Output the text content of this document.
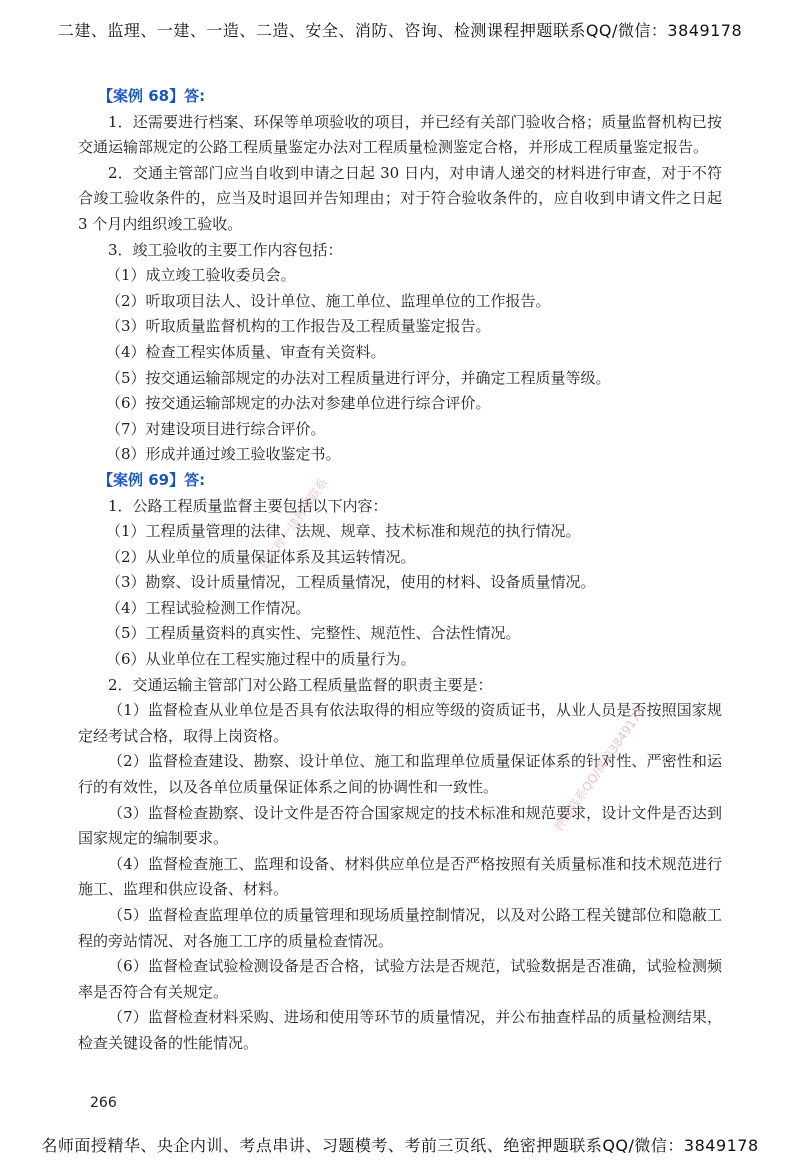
二建、监理、一建、一造、二造、安全、消防、咨询、检测课程押题联系QQ/微信：3849178
【案例 68】答:

1．还需要进行档案、环保等单项验收的项目，并已经有关部门验收合格；质量监督机构已按交通运输部规定的公路工程质量鉴定办法对工程质量检测鉴定合格，并形成工程质量鉴定报告。

2．交通主管部门应当自收到申请之日起 30 日内，对申请人递交的材料进行审查，对于不符合竣工验收条件的，应当及时退回并告知理由；对于符合验收条件的，应自收到申请文件之日起 3 个月内组织竣工验收。

3．竣工验收的主要工作内容包括：

（1）成立竣工验收委员会。

（2）听取项目法人、设计单位、施工单位、监理单位的工作报告。

（3）听取质量监督机构的工作报告及工程质量鉴定报告。

（4）检查工程实体质量、审查有关资料。

（5）按交通运输部规定的办法对工程质量进行评分，并确定工程质量等级。

（6）按交通运输部规定的办法对参建单位进行综合评价。

（7）对建设项目进行综合评价。

（8）形成并通过竣工验收鉴定书。

【案例 69】答:

1．公路工程质量监督主要包括以下内容：

（1）工程质量管理的法律、法规、规章、技术标准和规范的执行情况。

（2）从业单位的质量保证体系及其运转情况。

（3）勘察、设计质量情况，工程质量情况，使用的材料、设备质量情况。

（4）工程试验检测工作情况。

（5）工程质量资料的真实性、完整性、规范性、合法性情况。

（6）从业单位在工程实施过程中的质量行为。

2．交通运输主管部门对公路工程质量监督的职责主要是：

（1）监督检查从业单位是否具有依法取得的相应等级的资质证书，从业人员是否按照国家规定经考试合格，取得上岗资格。

（2）监督检查建设、勘察、设计单位、施工和监理单位质量保证体系的针对性、严密性和运行的有效性，以及各单位质量保证体系之间的协调性和一致性。

（3）监督检查勘察、设计文件是否符合国家规定的技术标准和规范要求，设计文件是否达到国家规定的编制要求。

（4）监督检查施工、监理和设备、材料供应单位是否严格按照有关质量标准和技术规范进行施工、监理和供应设备、材料。

（5）监督检查监理单位的质量管理和现场质量控制情况，以及对公路工程关键部位和隐蔽工程的旁站情况、对各施工工序的质量检查情况。

（6）监督检查试验检测设备是否合格，试验方法是否规范，试验数据是否准确，试验检测频率是否符合有关规定。

（7）监督检查材料采购、进场和使用等环节的质量情况，并公布抽查样品的质量检测结果，检查关键设备的性能情况。

二建监理一建押题联系
押题联系QQ/微信3849178
266
名师面授精华、央企内训、考点串讲、习题模考、考前三页纸、绝密押题联系QQ/微信：3849178
